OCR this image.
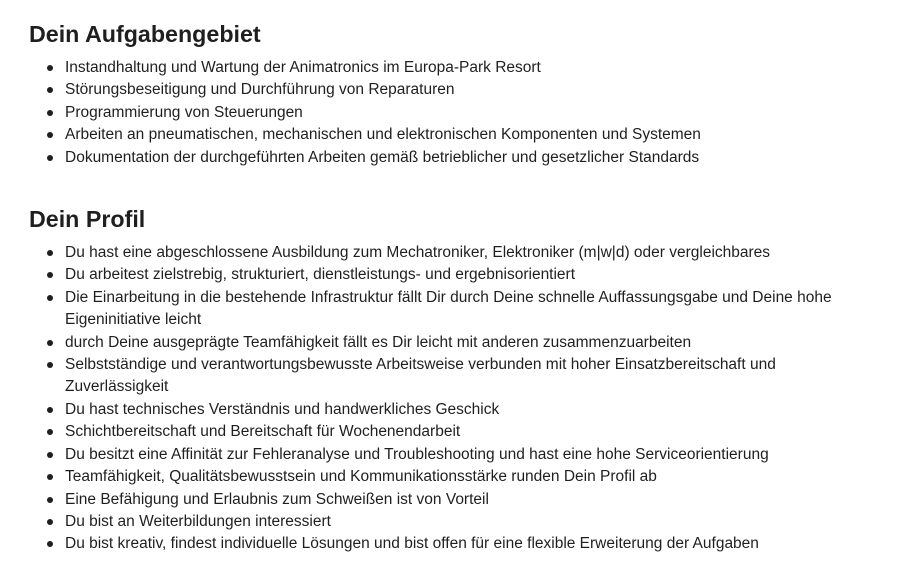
Dein Aufgabengebiet
Instandhaltung und Wartung der Animatronics im Europa-Park Resort
Störungsbeseitigung und Durchführung von Reparaturen
Programmierung von Steuerungen
Arbeiten an pneumatischen, mechanischen und elektronischen Komponenten und Systemen
Dokumentation der durchgeführten Arbeiten gemäß betrieblicher und gesetzlicher Standards
Dein Profil
Du hast eine abgeschlossene Ausbildung zum Mechatroniker, Elektroniker (m|w|d) oder vergleichbares
Du arbeitest zielstrebig, strukturiert, dienstleistungs- und ergebnisorientiert
Die Einarbeitung in die bestehende Infrastruktur fällt Dir durch Deine schnelle Auffassungsgabe und Deine hohe Eigeninitiative leicht
durch Deine ausgeprägte Teamfähigkeit fällt es Dir leicht mit anderen zusammenzuarbeiten
Selbstständige und verantwortungsbewusste Arbeitsweise verbunden mit hoher Einsatzbereitschaft und Zuverlässigkeit
Du hast technisches Verständnis und handwerkliches Geschick
Schichtbereitschaft und Bereitschaft für Wochenendarbeit
Du besitzt eine Affinität zur Fehleranalyse und Troubleshooting und hast eine hohe Serviceorientierung
Teamfähigkeit, Qualitätsbewusstsein und Kommunikationsstärke runden Dein Profil ab
Eine Befähigung und Erlaubnis zum Schweißen ist von Vorteil
Du bist an Weiterbildungen interessiert
Du bist kreativ, findest individuelle Lösungen und bist offen für eine flexible Erweiterung der Aufgaben
